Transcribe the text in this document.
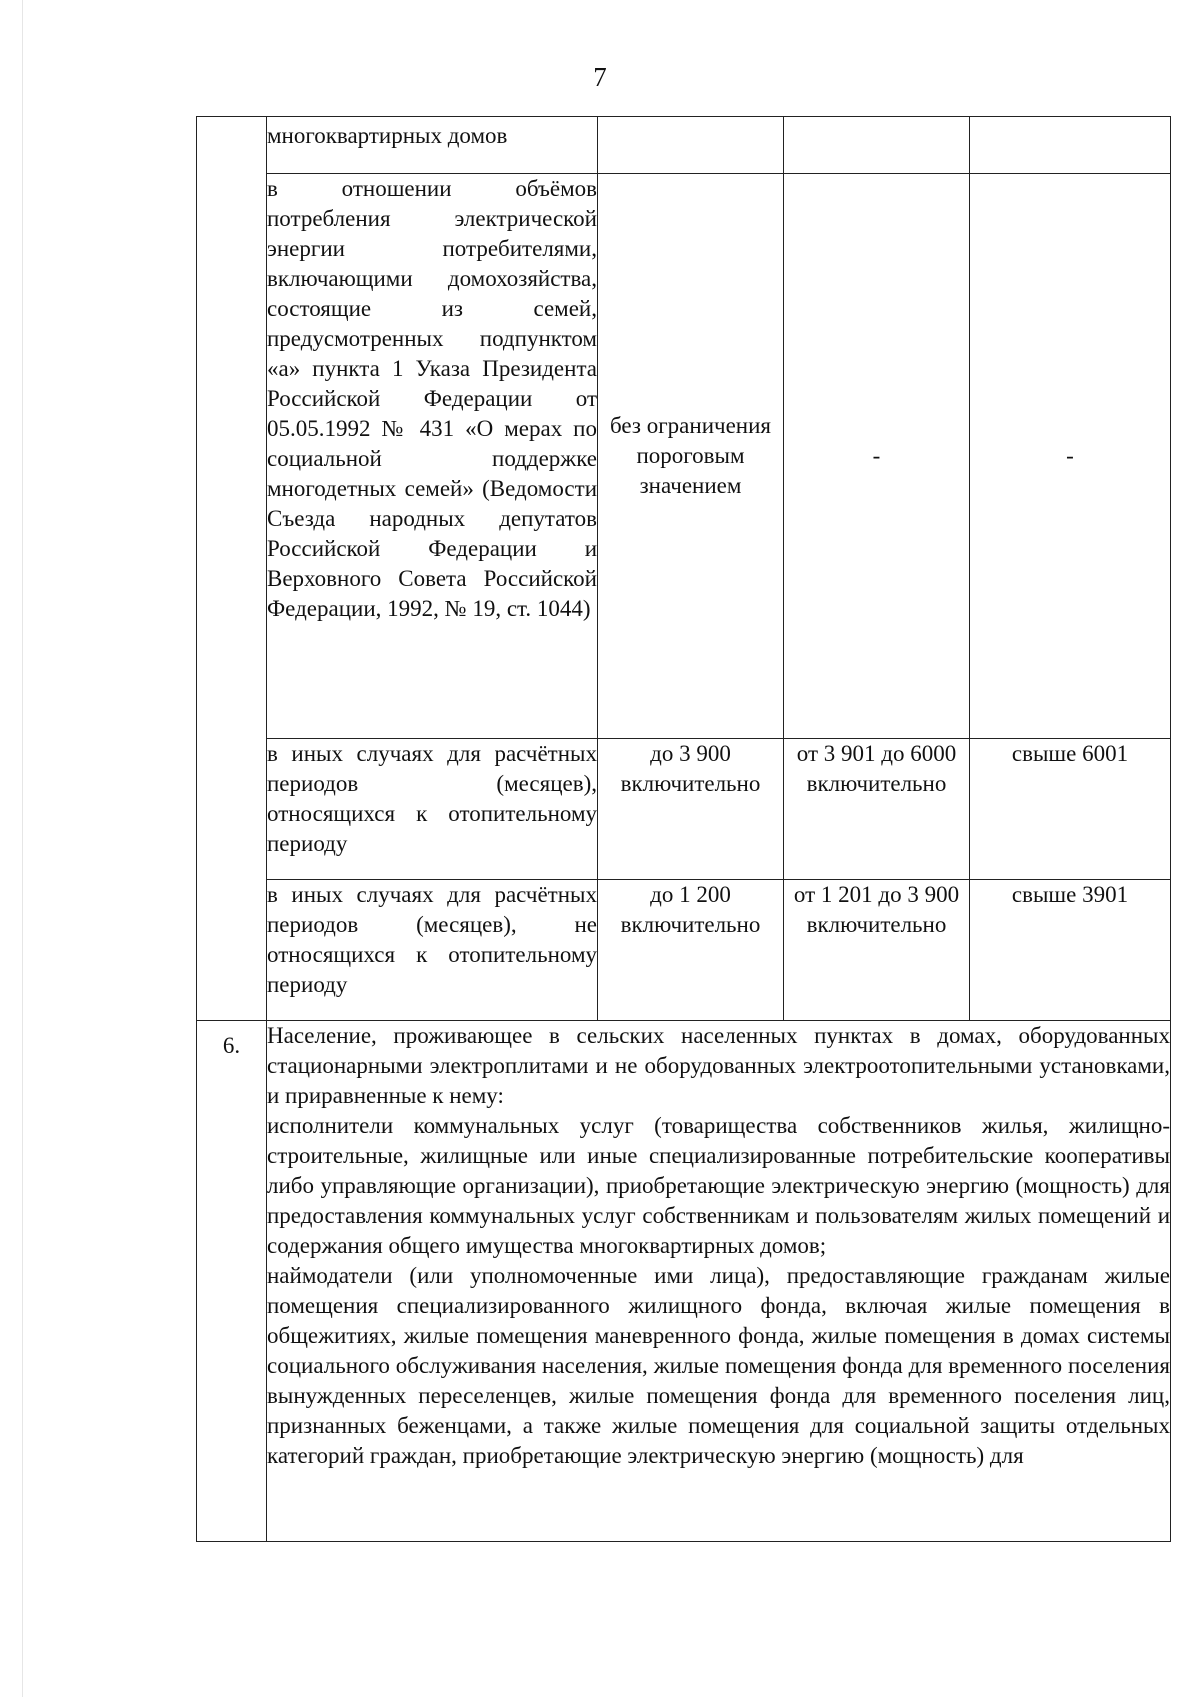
7
	многоквартирных домов			
	в отношении объёмов потребления электрической энергии потребителями, включающими домохозяйства, состоящие из семей, предусмотренных подпунктом «а» пункта 1 Указа Президента Российской Федерации от 05.05.1992 № 431 «О мерах по социальной поддержке многодетных семей» (Ведомости Съезда народных депутатов Российской Федерации и Верховного Совета Российской Федерации, 1992, № 19, ст. 1044)	без ограничения пороговым значением	-	-
	в иных случаях для расчётных периодов (месяцев), относящихся к отопительному периоду	до 3 900 включительно	от 3 901 до 6000 включительно	свыше 6001
	в иных случаях для расчётных периодов (месяцев), не относящихся к отопительному периоду	до 1 200 включительно	от 1 201 до 3 900 включительно	свыше 3901
6.	Население, проживающее в сельских населенных пунктах в домах, оборудованных стационарными электроплитами и не оборудованных электроотопительными установками, и приравненные к нему:

исполнители коммунальных услуг (товарищества собственников жилья, жилищно-строительные, жилищные или иные специализированные потребительские кооперативы либо управляющие организации), приобретающие электрическую энергию (мощность) для предоставления коммунальных услуг собственникам и пользователям жилых помещений и содержания общего имущества многоквартирных домов;

наймодатели (или уполномоченные ими лица), предоставляющие гражданам жилые помещения специализированного жилищного фонда, включая жилые помещения в общежитиях, жилые помещения маневренного фонда, жилые помещения в домах системы социального обслуживания населения, жилые помещения фонда для временного поселения вынужденных переселенцев, жилые помещения фонда для временного поселения лиц, признанных беженцами, а также жилые помещения для социальной защиты отдельных категорий граждан, приобретающие электрическую энергию (мощность) для			
